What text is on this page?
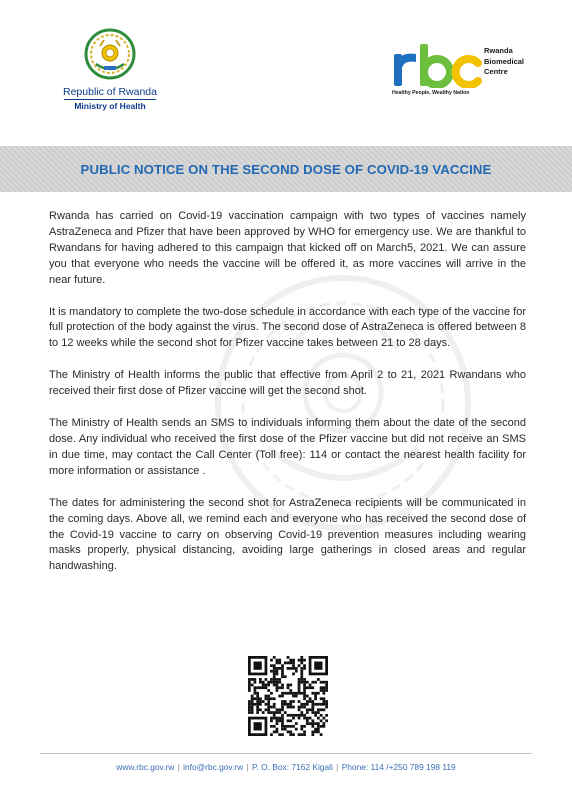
Republic of Rwanda
Ministry of Health
Rwanda
Biomedical
Centre
Healthy People, Wealthy Nation
PUBLIC NOTICE ON THE SECOND DOSE OF COVID-19 VACCINE

Rwanda has carried on Covid-19 vaccination campaign with two types of vaccines namely AstraZeneca and Pfizer that have been approved by WHO for emergency use. We are thankful to Rwandans for having adhered to this campaign that kicked off on March5, 2021. We can assure you that everyone who needs the vaccine will be offered it, as more vaccines will arrive in the near future.

It is mandatory to complete the two-dose schedule in accordance with each type of the vaccine for full protection of the body against the virus. The second dose of AstraZeneca is offered between 8 to 12 weeks while the second shot for Pfizer vaccine takes between 21 to 28 days.

The Ministry of Health informs the public that effective from April 2 to 21, 2021 Rwandans who received their first dose of Pfizer vaccine will get the second shot.

The Ministry of Health sends an SMS to individuals informing them about the date of the second dose. Any individual who received the first dose of the Pfizer vaccine but did not receive an SMS in due time, may contact the Call Center (Toll free): 114 or contact the nearest health facility for more information or assistance .

The dates for administering the second shot for AstraZeneca recipients will be communicated in the coming days. Above all, we remind each and everyone who has received the second dose of the Covid-19 vaccine to carry on observing Covid-19 prevention measures including wearing masks properly, physical distancing, avoiding large gatherings in closed areas and regular handwashing.

www.rbc.gov.rw | info@rbc.gov.rw | P. O. Box: 7162 Kigali | Phone: 114 /+250 789 198 119
